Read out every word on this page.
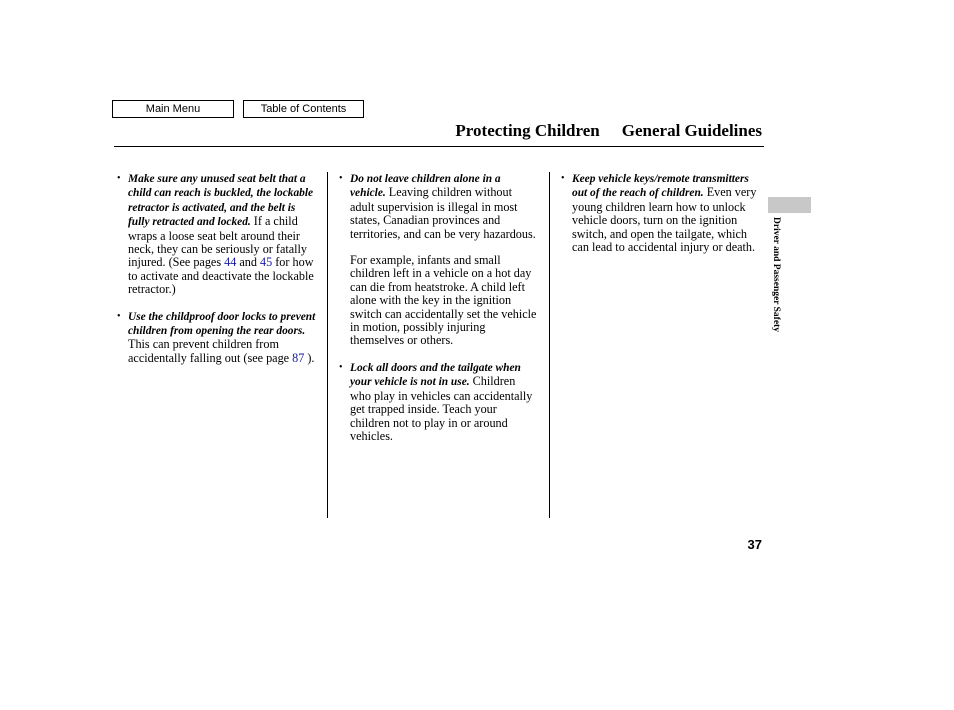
Main Menu	Table of Contents
Protecting Children General Guidelines
• Make sure any unused seat belt that a child can reach is buckled, the lockable retractor is activated, and the belt is fully retracted and locked. If a child wraps a loose seat belt around their neck, they can be seriously or fatally injured. (See pages 44 and 45 for how to activate and deactivate the lockable retractor.)
• Use the childproof door locks to prevent children from opening the rear doors. This can prevent children from accidentally falling out (see page 87 ).
• Do not leave children alone in a vehicle. Leaving children without adult supervision is illegal in most states, Canadian provinces and territories, and can be very hazardous.
For example, infants and small children left in a vehicle on a hot day can die from heatstroke. A child left alone with the key in the ignition switch can accidentally set the vehicle in motion, possibly injuring themselves or others.
• Lock all doors and the tailgate when your vehicle is not in use. Children who play in vehicles can accidentally get trapped inside. Teach your children not to play in or around vehicles.
• Keep vehicle keys/remote transmitters out of the reach of children. Even very young children learn how to unlock vehicle doors, turn on the ignition switch, and open the tailgate, which can lead to accidental injury or death.	Driver and Passenger Safety
37
